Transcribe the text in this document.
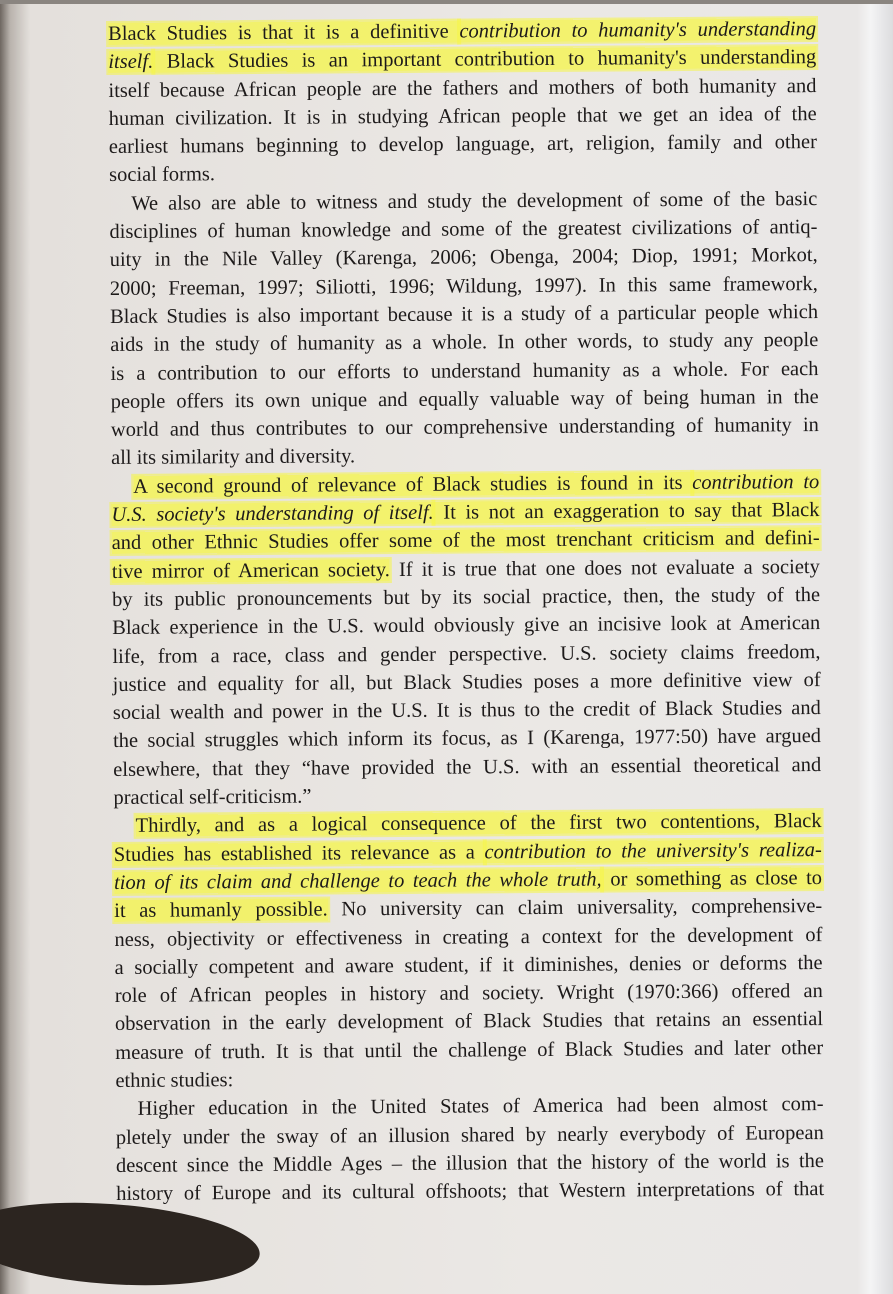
Black Studies is that it is a definitive contribution to humanity's understanding
itself. Black Studies is an important contribution to humanity's understanding
itself because African people are the fathers and mothers of both humanity and
human civilization. It is in studying African people that we get an idea of the
earliest humans beginning to develop language, art, religion, family and other
social forms.
We also are able to witness and study the development of some of the basic
disciplines of human knowledge and some of the greatest civilizations of antiq-
uity in the Nile Valley (Karenga, 2006; Obenga, 2004; Diop, 1991; Morkot,
2000; Freeman, 1997; Siliotti, 1996; Wildung, 1997). In this same framework,
Black Studies is also important because it is a study of a particular people which
aids in the study of humanity as a whole. In other words, to study any people
is a contribution to our efforts to understand humanity as a whole. For each
people offers its own unique and equally valuable way of being human in the
world and thus contributes to our comprehensive understanding of humanity in
all its similarity and diversity.
A second ground of relevance of Black studies is found in its contribution to
U.S. society's understanding of itself. It is not an exaggeration to say that Black
and other Ethnic Studies offer some of the most trenchant criticism and defini-
tive mirror of American society. If it is true that one does not evaluate a society
by its public pronouncements but by its social practice, then, the study of the
Black experience in the U.S. would obviously give an incisive look at American
life, from a race, class and gender perspective. U.S. society claims freedom,
justice and equality for all, but Black Studies poses a more definitive view of
social wealth and power in the U.S. It is thus to the credit of Black Studies and
the social struggles which inform its focus, as I (Karenga, 1977:50) have argued
elsewhere, that they “have provided the U.S. with an essential theoretical and
practical self-criticism.”
Thirdly, and as a logical consequence of the first two contentions, Black
Studies has established its relevance as a contribution to the university's realiza-
tion of its claim and challenge to teach the whole truth, or something as close to
it as humanly possible. No university can claim universality, comprehensive-
ness, objectivity or effectiveness in creating a context for the development of
a socially competent and aware student, if it diminishes, denies or deforms the
role of African peoples in history and society. Wright (1970:366) offered an
observation in the early development of Black Studies that retains an essential
measure of truth. It is that until the challenge of Black Studies and later other
ethnic studies:
Higher education in the United States of America had been almost com-
pletely under the sway of an illusion shared by nearly everybody of European
descent since the Middle Ages – the illusion that the history of the world is the
history of Europe and its cultural offshoots; that Western interpretations of that
